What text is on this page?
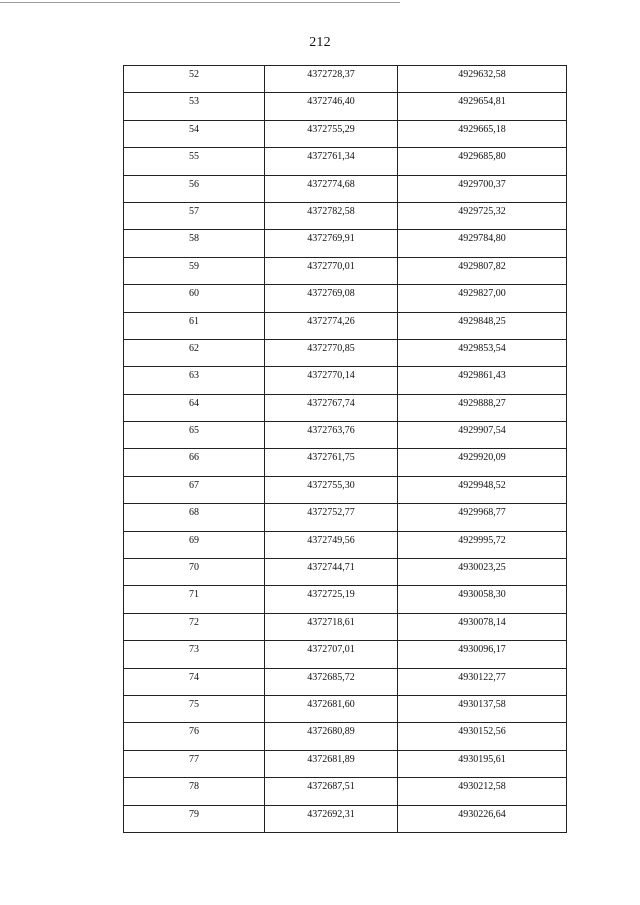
212
52	4372728,37	4929632,58
53	4372746,40	4929654,81
54	4372755,29	4929665,18
55	4372761,34	4929685,80
56	4372774,68	4929700,37
57	4372782,58	4929725,32
58	4372769,91	4929784,80
59	4372770,01	4929807,82
60	4372769,08	4929827,00
61	4372774,26	4929848,25
62	4372770,85	4929853,54
63	4372770,14	4929861,43
64	4372767,74	4929888,27
65	4372763,76	4929907,54
66	4372761,75	4929920,09
67	4372755,30	4929948,52
68	4372752,77	4929968,77
69	4372749,56	4929995,72
70	4372744,71	4930023,25
71	4372725,19	4930058,30
72	4372718,61	4930078,14
73	4372707,01	4930096,17
74	4372685,72	4930122,77
75	4372681,60	4930137,58
76	4372680,89	4930152,56
77	4372681,89	4930195,61
78	4372687,51	4930212,58
79	4372692,31	4930226,64
